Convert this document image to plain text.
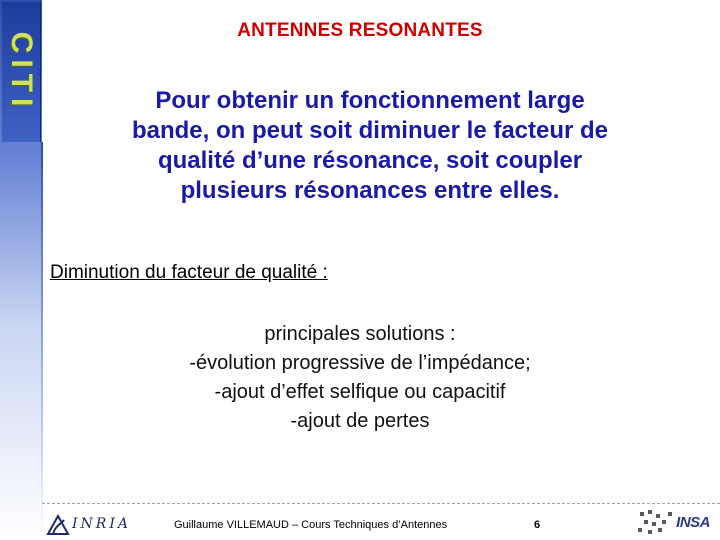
CITI
ANTENNES RESONANTES
Pour obtenir un fonctionnement large
bande, on peut soit diminuer le facteur de
qualité d’une résonance, soit coupler
plusieurs résonances entre elles.
Diminution du facteur de qualité :
principales solutions :
-évolution progressive de l’impédance;
-ajout d’effet selfique ou capacitif
-ajout de pertes
INRIA	Guillaume VILLEMAUD – Cours Techniques d’Antennes	6	INSA
